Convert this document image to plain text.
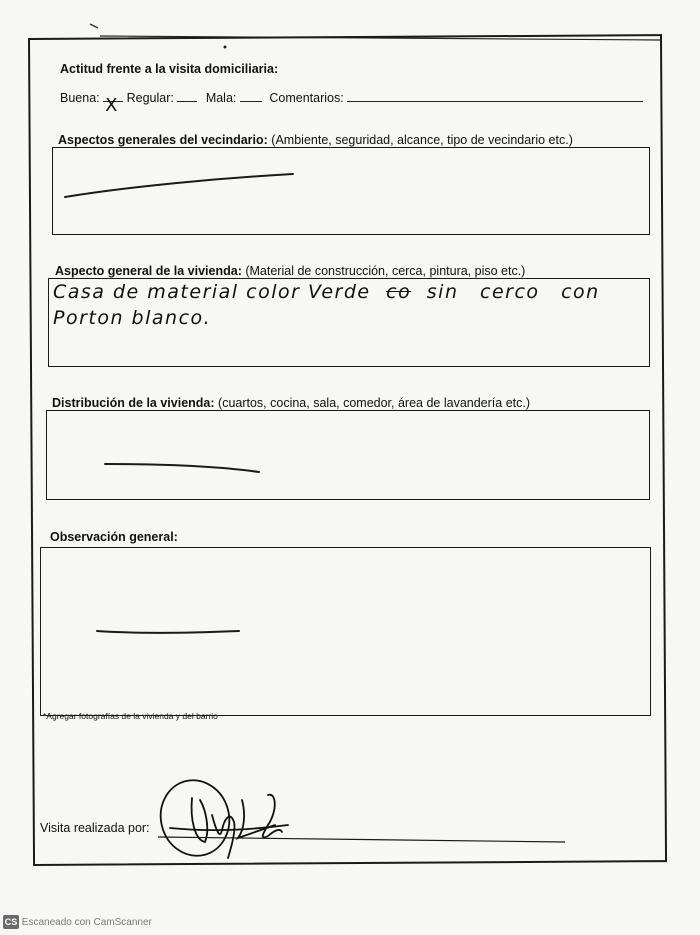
Actitud frente a la visita domiciliaria:
Buena: X Regular:	Mala:	Comentarios:
Aspectos generales del vecindario: (Ambiente, seguridad, alcance, tipo de vecindario etc.)
Aspecto general de la vivienda: (Material de construcción, cerca, pintura, piso etc.)
Casa de material color Verde co sin cerco con
Porton blanco.
Distribución de la vivienda: (cuartos, cocina, sala, comedor, área de lavandería etc.)
Observación general:
*Agregar fotografías de la vivienda y del barrio
Visita realizada por:
CS Escaneado con CamScanner
